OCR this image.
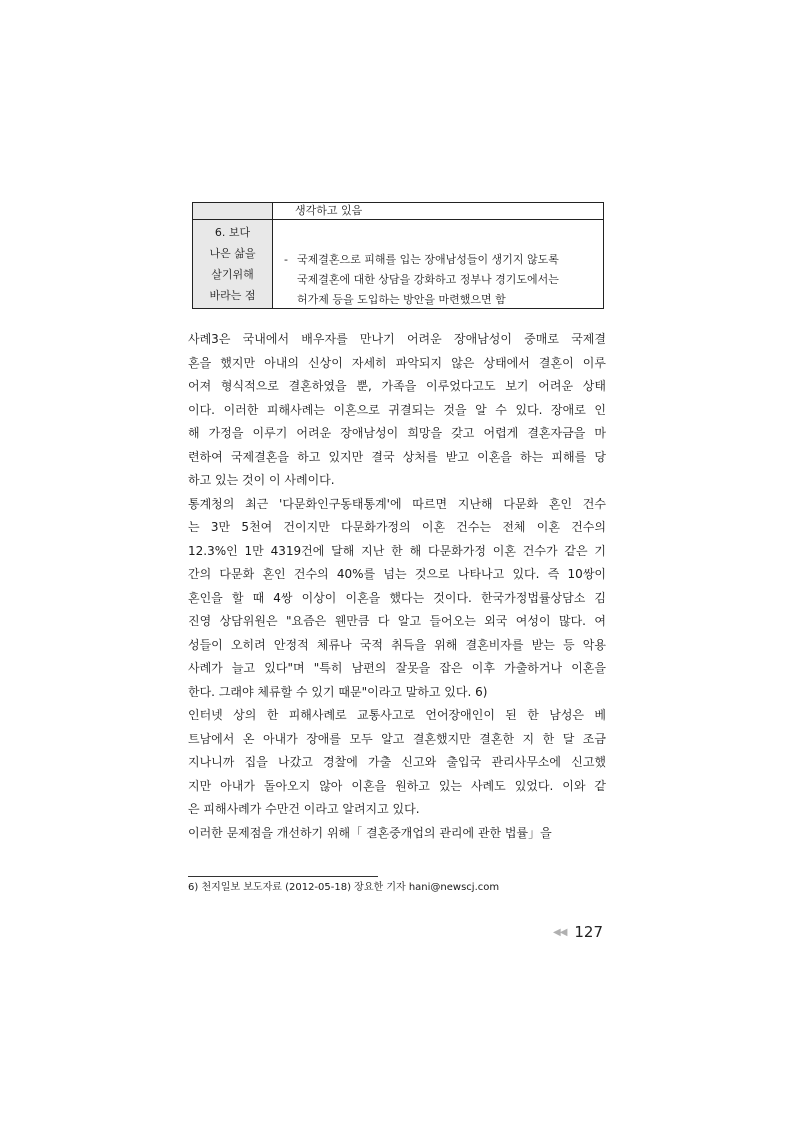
생각하고 있음
6. 보다
나은 삶을
살기위해
바라는 점
- 국제결혼으로 피해를 입는 장애남성들이 생기지 않도록
국제결혼에 대한 상담을 강화하고 정부나 경기도에서는
허가제 등을 도입하는 방안을 마련했으면 함

사례3은 국내에서 배우자를 만나기 어려운 장애남성이 중매로 국제결

혼을 했지만 아내의 신상이 자세히 파악되지 않은 상태에서 결혼이 이루

어져 형식적으로 결혼하였을 뿐, 가족을 이루었다고도 보기 어려운 상태

이다. 이러한 피해사례는 이혼으로 귀결되는 것을 알 수 있다. 장애로 인

해 가정을 이루기 어려운 장애남성이 희망을 갖고 어렵게 결혼자금을 마

련하여 국제결혼을 하고 있지만 결국 상처를 받고 이혼을 하는 피해를 당

하고 있는 것이 이 사례이다.

통계청의 최근 '다문화인구동태통계'에 따르면 지난해 다문화 혼인 건수

는 3만 5천여 건이지만 다문화가정의 이혼 건수는 전체 이혼 건수의

12.3%인 1만 4319건에 달해 지난 한 해 다문화가정 이혼 건수가 같은 기

간의 다문화 혼인 건수의 40%를 넘는 것으로 나타나고 있다. 즉 10쌍이

혼인을 할 때 4쌍 이상이 이혼을 했다는 것이다. 한국가정법률상담소 김

진영 상담위원은 "요즘은 웬만큼 다 알고 들어오는 외국 여성이 많다. 여

성들이 오히려 안정적 체류나 국적 취득을 위해 결혼비자를 받는 등 악용

사례가 늘고 있다"며 "특히 남편의 잘못을 잡은 이후 가출하거나 이혼을

한다. 그래야 체류할 수 있기 때문"이라고 말하고 있다. 6)

인터넷 상의 한 피해사례로 교통사고로 언어장애인이 된 한 남성은 베

트남에서 온 아내가 장애를 모두 알고 결혼했지만 결혼한 지 한 달 조금

지나니까 집을 나갔고 경찰에 가출 신고와 출입국 관리사무소에 신고했

지만 아내가 돌아오지 않아 이혼을 원하고 있는 사례도 있었다. 이와 같

은 피해사례가 수만건 이라고 알려지고 있다.

이러한 문제점을 개선하기 위해「 결혼중개업의 관리에 관한 법률」을

6) 천지일보 보도자료 (2012-05-18) 장요한 기자 hani@newscj.com
◀◀ 127
